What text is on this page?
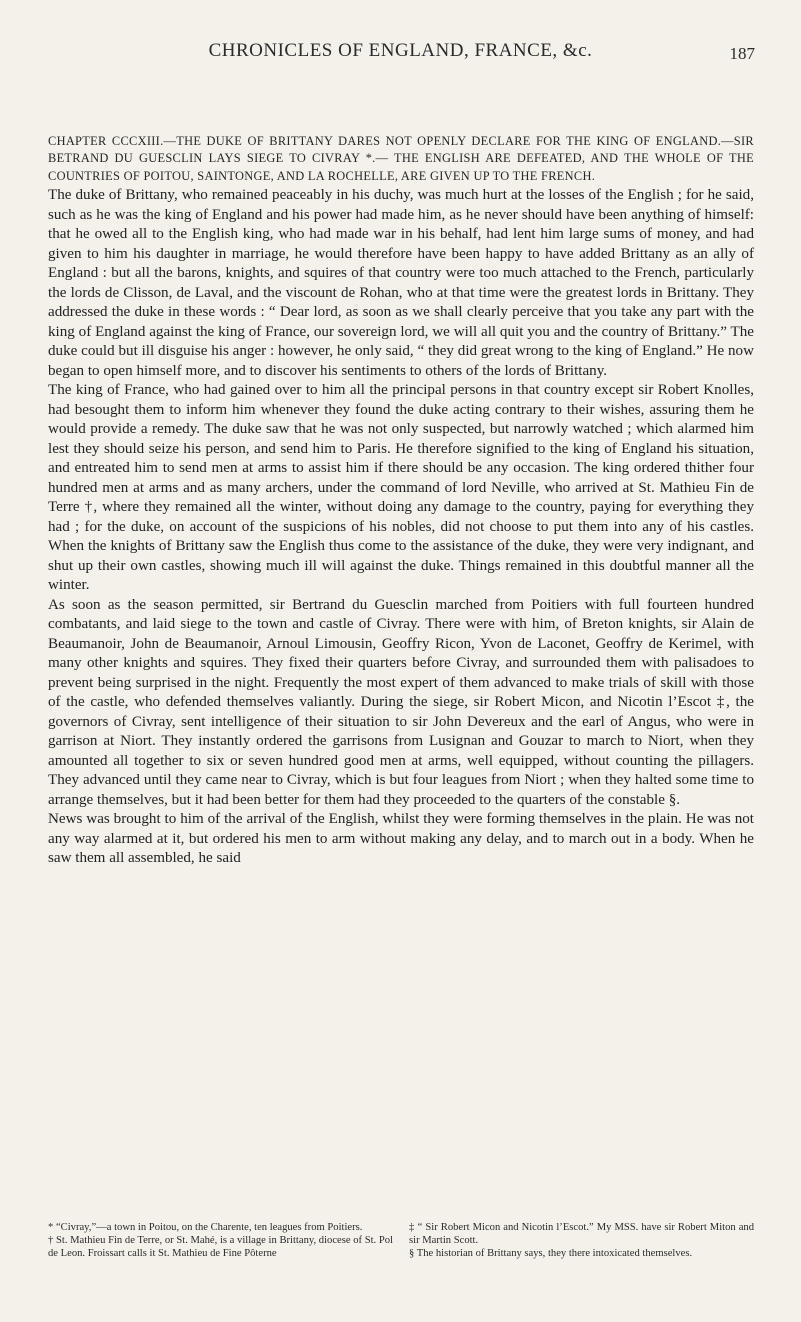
CHRONICLES OF ENGLAND, FRANCE, &c.	187
CHAPTER CCCXIII.—THE DUKE OF BRITTANY DARES NOT OPENLY DECLARE FOR THE KING OF ENGLAND.—SIR BETRAND DU GUESCLIN LAYS SIEGE TO CIVRAY *.— THE ENGLISH ARE DEFEATED, AND THE WHOLE OF THE COUNTRIES OF POITOU, SAINTONGE, AND LA ROCHELLE, ARE GIVEN UP TO THE FRENCH.

The duke of Brittany, who remained peaceably in his duchy, was much hurt at the losses of the English ; for he said, such as he was the king of England and his power had made him, as he never should have been anything of himself: that he owed all to the English king, who had made war in his behalf, had lent him large sums of money, and had given to him his daughter in marriage, he would therefore have been happy to have added Brittany as an ally of England : but all the barons, knights, and squires of that country were too much attached to the French, particularly the lords de Clisson, de Laval, and the viscount de Rohan, who at that time were the greatest lords in Brittany. They addressed the duke in these words : “ Dear lord, as soon as we shall clearly perceive that you take any part with the king of England against the king of France, our sovereign lord, we will all quit you and the country of Brittany.” The duke could but ill disguise his anger : however, he only said, “ they did great wrong to the king of England.” He now began to open himself more, and to discover his sentiments to others of the lords of Brittany.

The king of France, who had gained over to him all the principal persons in that country except sir Robert Knolles, had besought them to inform him whenever they found the duke acting contrary to their wishes, assuring them he would provide a remedy. The duke saw that he was not only suspected, but narrowly watched ; which alarmed him lest they should seize his person, and send him to Paris. He therefore signified to the king of England his situation, and entreated him to send men at arms to assist him if there should be any occasion. The king ordered thither four hundred men at arms and as many archers, under the command of lord Neville, who arrived at St. Mathieu Fin de Terre †, where they remained all the winter, without doing any damage to the country, paying for everything they had ; for the duke, on account of the suspicions of his nobles, did not choose to put them into any of his castles. When the knights of Brittany saw the English thus come to the assistance of the duke, they were very indignant, and shut up their own castles, showing much ill will against the duke. Things remained in this doubtful manner all the winter.

As soon as the season permitted, sir Bertrand du Guesclin marched from Poitiers with full fourteen hundred combatants, and laid siege to the town and castle of Civray. There were with him, of Breton knights, sir Alain de Beaumanoir, John de Beaumanoir, Arnoul Limousin, Geoffry Ricon, Yvon de Laconet, Geoffry de Kerimel, with many other knights and squires. They fixed their quarters before Civray, and surrounded them with palisadoes to prevent being surprised in the night. Frequently the most expert of them advanced to make trials of skill with those of the castle, who defended themselves valiantly. During the siege, sir Robert Micon, and Nicotin l’Escot ‡, the governors of Civray, sent intelligence of their situation to sir John Devereux and the earl of Angus, who were in garrison at Niort. They instantly ordered the garrisons from Lusignan and Gouzar to march to Niort, when they amounted all together to six or seven hundred good men at arms, well equipped, without counting the pillagers. They advanced until they came near to Civray, which is but four leagues from Niort ; when they halted some time to arrange themselves, but it had been better for them had they proceeded to the quarters of the constable §.

News was brought to him of the arrival of the English, whilst they were forming themselves in the plain. He was not any way alarmed at it, but ordered his men to arm without making any delay, and to march out in a body. When he saw them all assembled, he said

* “Civray,”—a town in Poitou, on the Charente, ten leagues from Poitiers.

† St. Mathieu Fin de Terre, or St. Mahé, is a village in Brittany, diocese of St. Pol de Leon. Froissart calls it St. Mathieu de Fine Pôterne

‡ “ Sir Robert Micon and Nicotin l’Escot.” My MSS. have sir Robert Miton and sir Martin Scott.

§ The historian of Brittany says, they there intoxicated themselves.
